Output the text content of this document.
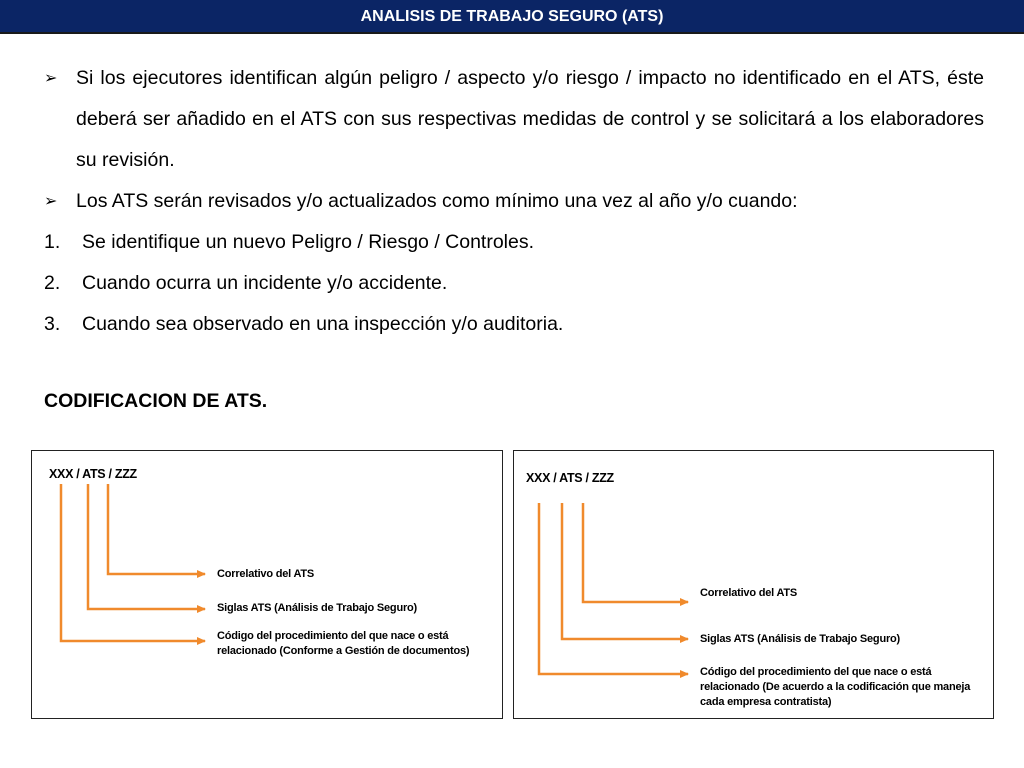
ANALISIS DE TRABAJO SEGURO (ATS)
➢ Si los ejecutores identifican algún peligro / aspecto y/o riesgo / impacto no identificado en el ATS, éste deberá ser añadido en el ATS con sus respectivas medidas de control y se solicitará a los elaboradores su revisión.
➢ Los ATS serán revisados y/o actualizados como mínimo una vez al año y/o cuando:
1. Se identifique un nuevo Peligro / Riesgo / Controles.
2. Cuando ocurra un incidente y/o accidente.
3. Cuando sea observado en una inspección y/o auditoria.
CODIFICACION DE ATS.
XXX / ATS / ZZZ
Correlativo del ATS
Siglas ATS (Análisis de Trabajo Seguro)
Código del procedimiento del que nace o está relacionado (Conforme a Gestión de documentos)
XXX / ATS / ZZZ
Correlativo del ATS
Siglas ATS (Análisis de Trabajo Seguro)
Código del procedimiento del que nace o está relacionado (De acuerdo a la codificación que maneja cada empresa contratista)
